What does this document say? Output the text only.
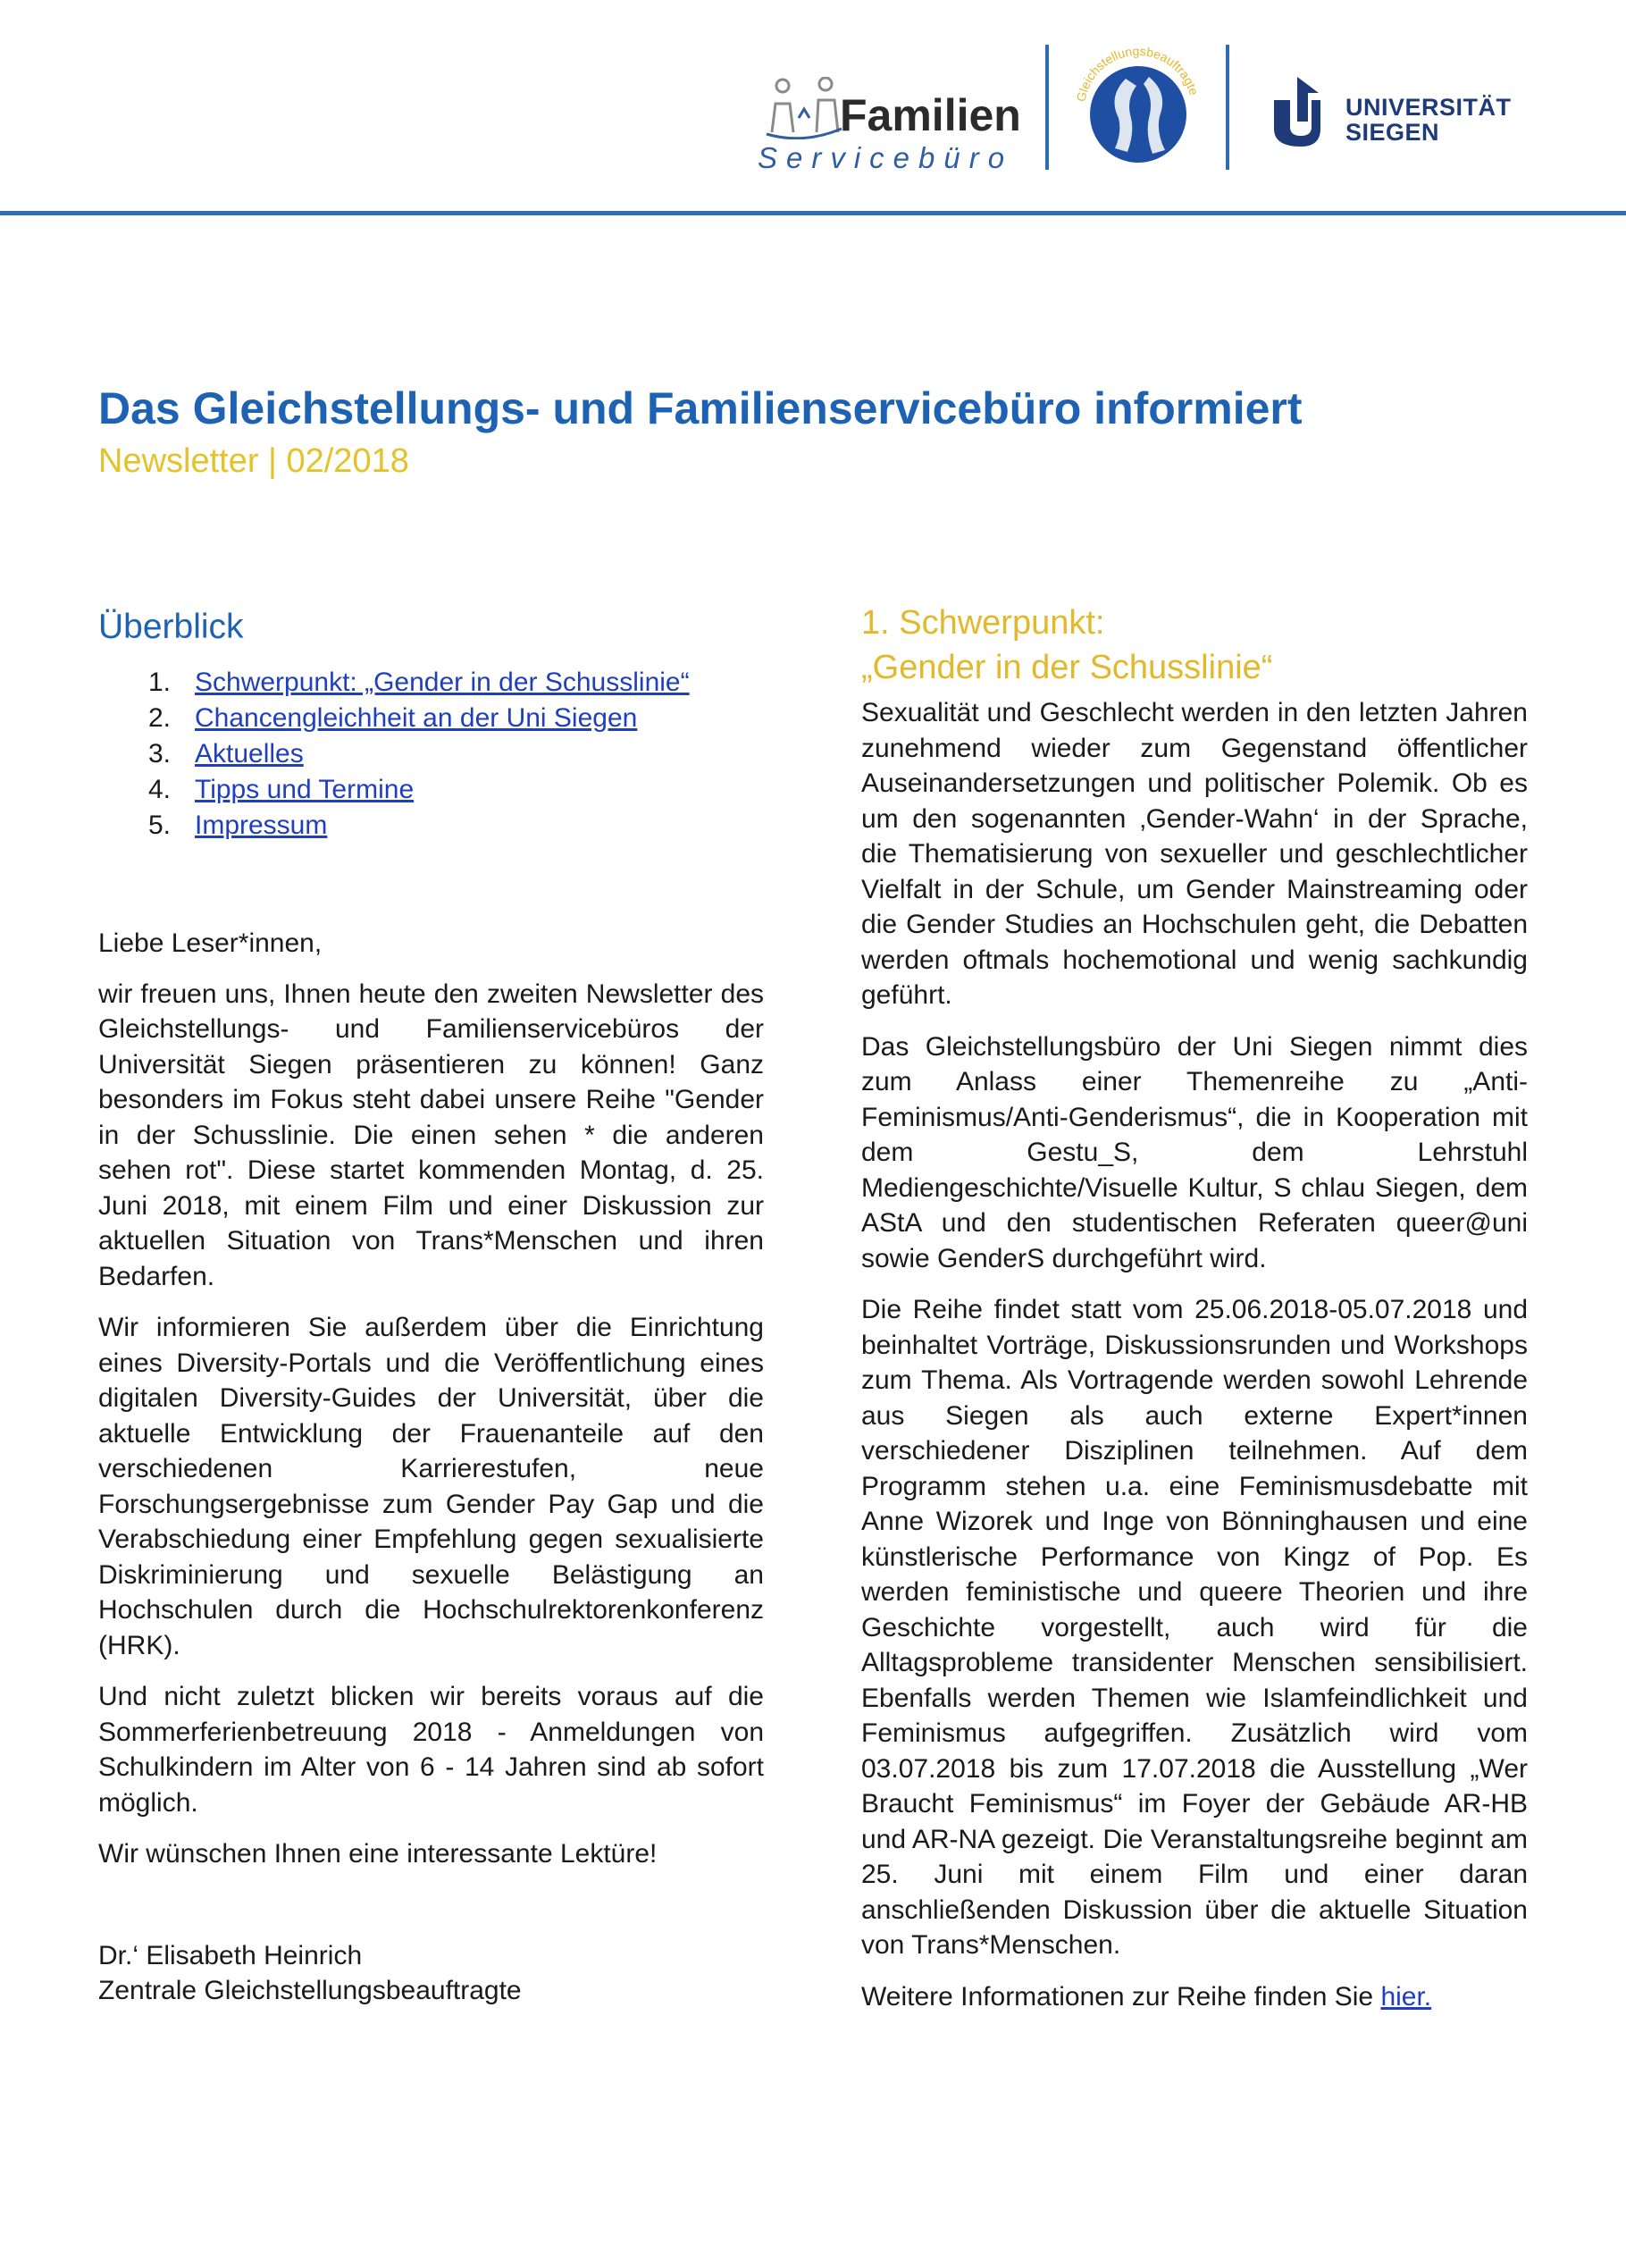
Familien
Servicebüro
Gleichstellungsbeauftragte
UNIVERSITÄT
SIEGEN
Das Gleichstellungs- und Familienservicebüro informiert
Newsletter | 02/2018
Überblick
1. Schwerpunkt: „Gender in der Schusslinie“
2. Chancengleichheit an der Uni Siegen
3. Aktuelles
4. Tipps und Termine
5. Impressum

Liebe Leser*innen,

wir freuen uns, Ihnen heute den zweiten Newsletter des Gleichstellungs- und Familienservicebüros der Universität Siegen präsentieren zu können! Ganz besonders im Fokus steht dabei unsere Reihe "Gender in der Schusslinie. Die einen sehen * die anderen sehen rot". Diese startet kommenden Montag, d. 25. Juni 2018, mit einem Film und einer Diskussion zur aktuellen Situation von Trans*Menschen und ihren Bedarfen.

Wir informieren Sie außerdem über die Einrichtung eines Diversity-Portals und die Veröffentlichung eines digitalen Diversity-Guides der Universität, über die aktuelle Entwicklung der Frauenanteile auf den verschiedenen Karrierestufen, neue Forschungsergebnisse zum Gender Pay Gap und die Verabschiedung einer Empfehlung gegen sexualisierte Diskriminierung und sexuelle Belästigung an Hochschulen durch die Hochschulrektorenkonferenz (HRK).

Und nicht zuletzt blicken wir bereits voraus auf die Sommerferienbetreuung 2018 - Anmeldungen von Schulkindern im Alter von 6 - 14 Jahren sind ab sofort möglich.

Wir wünschen Ihnen eine interessante Lektüre!

Dr.‘ Elisabeth Heinrich

Zentrale Gleichstellungsbeauftragte

1. Schwerpunkt:
„Gender in der Schusslinie“

Sexualität und Geschlecht werden in den letzten Jahren zunehmend wieder zum Gegenstand öffentlicher Auseinandersetzungen und politischer Polemik. Ob es um den sogenannten ‚Gender-Wahn‘ in der Sprache, die Thematisierung von sexueller und geschlechtlicher Vielfalt in der Schule, um Gender Mainstreaming oder die Gender Studies an Hochschulen geht, die Debatten werden oftmals hochemotional und wenig sachkundig geführt.

Das Gleichstellungsbüro der Uni Siegen nimmt dies zum Anlass einer Themenreihe zu „Anti-Feminismus/Anti-Genderismus“, die in Kooperation mit dem Gestu_S, dem Lehrstuhl Mediengeschichte/Visuelle Kultur, S chlau Siegen, dem AStA und den studentischen Referaten queer@uni sowie GenderS durchgeführt wird.

Die Reihe findet statt vom 25.06.2018-05.07.2018 und beinhaltet Vorträge, Diskussionsrunden und Workshops zum Thema. Als Vortragende werden sowohl Lehrende aus Siegen als auch externe Expert*innen verschiedener Disziplinen teilnehmen. Auf dem Programm stehen u.a. eine Feminismusdebatte mit Anne Wizorek und Inge von Bönninghausen und eine künstlerische Performance von Kingz of Pop. Es werden feministische und queere Theorien und ihre Geschichte vorgestellt, auch wird für die Alltagsprobleme transidenter Menschen sensibilisiert. Ebenfalls werden Themen wie Islamfeindlichkeit und Feminismus aufgegriffen. Zusätzlich wird vom 03.07.2018 bis zum 17.07.2018 die Ausstellung „Wer Braucht Feminismus“ im Foyer der Gebäude AR-HB und AR-NA gezeigt. Die Veranstaltungsreihe beginnt am 25. Juni mit einem Film und einer daran anschließenden Diskussion über die aktuelle Situation von Trans*Menschen.

Weitere Informationen zur Reihe finden Sie hier.
